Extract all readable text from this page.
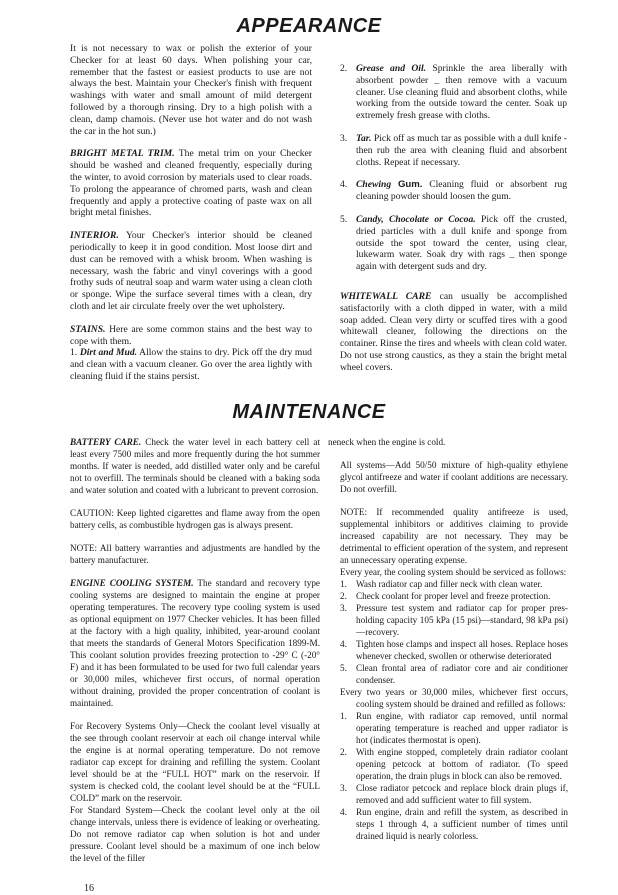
APPEARANCE

It is not necessary to wax or polish the exterior of your Checker for at least 60 days. When polishing your car, remember that the fastest or easiest products to use are not always the best. Maintain your Checker's finish with frequent washings with water and small amount of mild detergent followed by a thorough rinsing. Dry to a high polish with a clean, damp chamois. (Never use hot water and do not wash the car in the hot sun.)

BRIGHT METAL TRIM. The metal trim on your Checker should be washed and cleaned frequently, especially during the winter, to avoid corrosion by materials used to clear roads. To prolong the appearance of chromed parts, wash and clean frequently and apply a protective coating of paste wax on all bright metal finishes.

INTERIOR. Your Checker's interior should be cleaned periodically to keep it in good condition. Most loose dirt and dust can be removed with a whisk broom. When washing is necessary, wash the fabric and vinyl coverings with a good frothy suds of neutral soap and warm water using a clean cloth or sponge. Wipe the surface several times with a clean, dry cloth and let air circulate freely over the wet upholstery.

STAINS. Here are some common stains and the best way to cope with them.

1. Dirt and Mud. Allow the stains to dry. Pick off the dry mud and clean with a vacuum cleaner. Go over the area lightly with cleaning fluid if the stains persist.

2. Grease and Oil. Sprinkle the area liberally with absorbent powder _ then remove with a vacuum cleaner. Use cleaning fluid and absorbent cloths, while working from the outside toward the center. Soak up extremely fresh grease with cloths.
3. Tar. Pick off as much tar as possible with a dull knife -then rub the area with cleaning fluid and absorbent cloths. Repeat if necessary.
4. Chewing Gum. Cleaning fluid or absorbent rug cleaning powder should loosen the gum.
5. Candy, Chocolate or Cocoa. Pick off the crusted, dried particles with a dull knife and sponge from outside the spot toward the center, using clear, lukewarm water. Soak dry with rags _ then sponge again with detergent suds and dry.

WHITEWALL CARE can usually be accomplished satisfactorily with a cloth dipped in water, with a mild soap added. Clean very dirty or scuffed tires with a good whitewall cleaner, following the directions on the container. Rinse the tires and wheels with clean cold water. Do not use strong caustics, as they a stain the bright metal wheel covers.

MAINTENANCE

BATTERY CARE. Check the water level in each battery cell at least every 7500 miles and more frequently during the hot summer months. If water is needed, add distilled water only and be careful not to overfill. The terminals should be cleaned with a baking soda and water solution and coated with a lubricant to prevent corrosion.

CAUTION: Keep lighted cigarettes and flame away from the open battery cells, as combustible hydrogen gas is always present.

NOTE: All battery warranties and adjustments are handled by the battery manufacturer.

ENGINE COOLING SYSTEM. The standard and recovery type cooling systems are designed to maintain the engine at proper operating temperatures. The recovery type cooling system is used as optional equipment on 1977 Checker vehicles. It has been filled at the factory with a high quality, inhibited, year-around coolant that meets the standards of General Motors Specification 1899-M. This coolant solution provides freezing protection to -29° C (-20° F) and it has been formulated to be used for two full calendar years or 30,000 miles, whichever first occurs, of normal operation without draining, provided the proper concentration of coolant is maintained.

For Recovery Systems Only—Check the coolant level visually at the see through coolant reservoir at each oil change interval while the engine is at normal operating temperature. Do not remove radiator cap except for draining and refilling the system. Coolant level should be at the “FULL HOT” mark on the reservoir. If system is checked cold, the coolant level should be at the “FULL COLD” mark on the reservoir.

For Standard System—Check the coolant level only at the oil change intervals, unless there is evidence of leaking or overheating. Do not remove radiator cap when solution is hot and under pressure. Coolant level should be a maximum of one inch below the level of the filler

neneck when the engine is cold.

All systems—Add 50/50 mixture of high-quality ethylene glycol antifreeze and water if coolant additions are necessary. Do not overfill.

NOTE: If recommended quality antifreeze is used, supplemental inhibitors or additives claiming to provide increased capability are not necessary. They may be detrimental to efficient operation of the system, and represent an unnecessary operating expense.

Every year, the cooling system should be serviced as follows:

1. Wash radiator cap and filler neck with clean water.
2. Check coolant for proper level and freeze protection.
3. Pressure test system and radiator cap for proper pres-holding capacity 105 kPa (15 psi)—standard, 98 kPa psi)—recovery.
4. Tighten hose clamps and inspect all hoses. Replace hoses whenever checked, swollen or otherwise deteriorated
5. Clean frontal area of radiator core and air conditioner condenser.

Every two years or 30,000 miles, whichever first occurs, cooling system should be drained and refilled as follows:

1. Run engine, with radiator cap removed, until normal operating temperature is reached and upper radiator is hot (indicates thermostat is open).
2. With engine stopped, completely drain radiator coolant opening petcock at bottom of radiator. (To speed operation, the drain plugs in block can also be removed.
3. Close radiator petcock and replace block drain plugs if, removed and add sufficient water to fill system.
4. Run engine, drain and refill the system, as described in steps 1 through 4, a sufficient number of times until drained liquid is nearly colorless.
16
